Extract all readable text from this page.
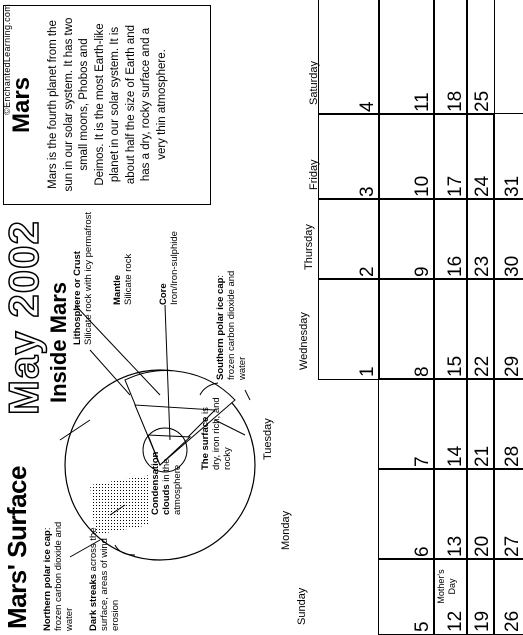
©EnchantedLearning.com
Mars' Surface
May 2002
Mars Mars is the fourth planet from the sun in our solar system. It has two small moons, Phobos and Deimos. It is the most Earth-like planet in our solar system. It is about half the size of Earth and has a dry, rocky surface and a very thin atmosphere.
Inside Mars
Northern polar ice cap: frozen carbon dioxide and water Dark streaks across the surface, areas of wind erosion
Condensation clouds in the atmosphere
The surface is dry, iron rich, and rocky
Southern polar ice cap: frozen carbon dioxide and water
Lithosphere or Crust
Silicate rock with icy permafrost Mantle
Silicate rock	Core
Iron/Iron-sulphide
Sunday
Monday
Tuesday
Wednesday
Thursday
Friday
Saturday
1
2
3
4
5
6
7
8
9
10
11
12
Mother's Day
13
14
15
16
17
18
19
20
21
22
23
24
25
26
27
28
29
30
31
